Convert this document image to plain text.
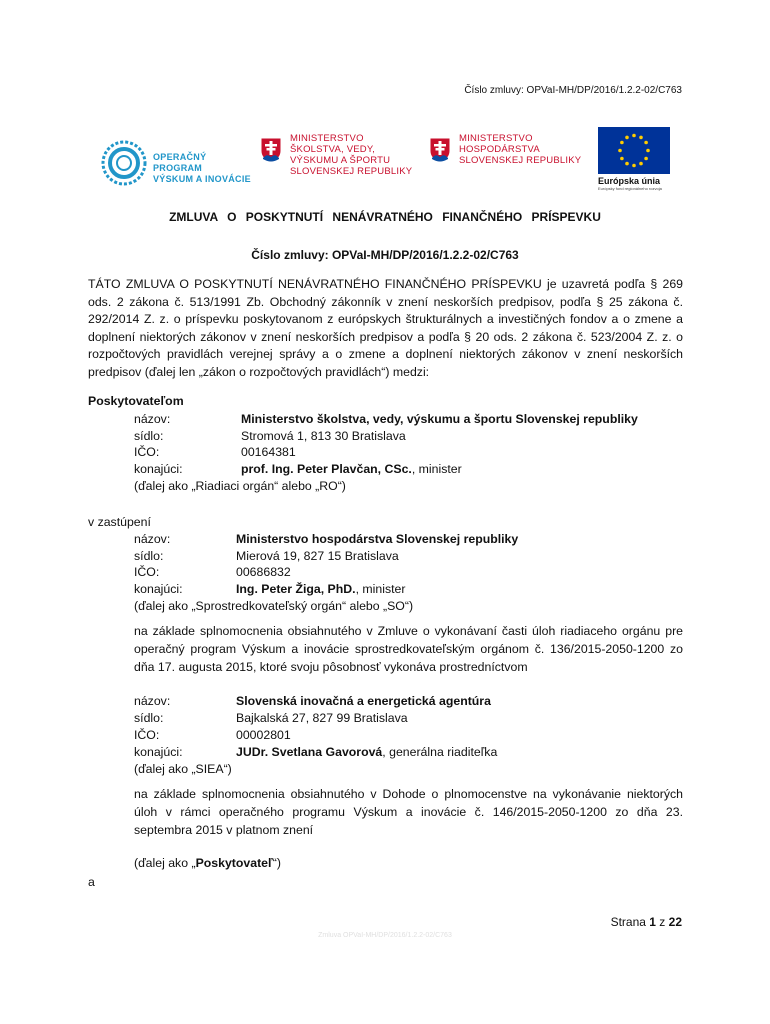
Číslo zmluvy: OPVaI-MH/DP/2016/1.2.2-02/C763
OPERAČNÝ PROGRAM
VÝSKUM A INOVÁCIE
MINISTERSTVO
ŠKOLSTVA, VEDY,
VÝSKUMU A ŠPORTU
SLOVENSKEJ REPUBLIKY
MINISTERSTVO
HOSPODÁRSTVA
SLOVENSKEJ REPUBLIKY
Európska únia
Európsky fond regionálneho rozvoja
ZMLUVA O POSKYTNUTÍ NENÁVRATNÉHO FINANČNÉHO PRÍSPEVKU
Číslo zmluvy: OPVaI-MH/DP/2016/1.2.2-02/C763
TÁTO ZMLUVA O POSKYTNUTÍ NENÁVRATNÉHO FINANČNÉHO PRÍSPEVKU je uzavretá podľa § 269 ods. 2 zákona č. 513/1991 Zb. Obchodný zákonník v znení neskorších predpisov, podľa § 25 zákona č. 292/2014 Z. z. o príspevku poskytovanom z európskych štrukturálnych a investičných fondov a o zmene a doplnení niektorých zákonov v znení neskorších predpisov a podľa § 20 ods. 2 zákona č. 523/2004 Z. z. o rozpočtových pravidlách verejnej správy a o zmene a doplnení niektorých zákonov v znení neskorších predpisov (ďalej len „zákon o rozpočtových pravidlách“) medzi:
Poskytovateľom
názov:	Ministerstvo školstva, vedy, výskumu a športu Slovenskej republiky
sídlo:	Stromová 1, 813 30 Bratislava
IČO:	00164381
konajúci:	prof. Ing. Peter Plavčan, CSc., minister
(ďalej ako „Riadiaci orgán“ alebo „RO“)
v zastúpení
názov:	Ministerstvo hospodárstva Slovenskej republiky
sídlo:	Mierová 19, 827 15 Bratislava
IČO:	00686832
konajúci:	Ing. Peter Žiga, PhD., minister
(ďalej ako „Sprostredkovateľský orgán“ alebo „SO“)
na základe splnomocnenia obsiahnutého v Zmluve o vykonávaní časti úloh riadiaceho orgánu pre operačný program Výskum a inovácie sprostredkovateľským orgánom č. 136/2015-2050-1200 zo dňa 17. augusta 2015, ktoré svoju pôsobnosť vykonáva prostredníctvom
názov:	Slovenská inovačná a energetická agentúra
sídlo:	Bajkalská 27, 827 99 Bratislava
IČO:	00002801
konajúci:	JUDr. Svetlana Gavorová, generálna riaditeľka
(ďalej ako „SIEA“)
na základe splnomocnenia obsiahnutého v Dohode o plnomocenstve na vykonávanie niektorých úloh v rámci operačného programu Výskum a inovácie č. 146/2015-2050-1200 zo dňa 23. septembra 2015 v platnom znení
(ďalej ako „Poskytovateľ“)
a
Strana 1 z 22
Zmluva OPVaI-MH/DP/2016/1.2.2-02/C763
